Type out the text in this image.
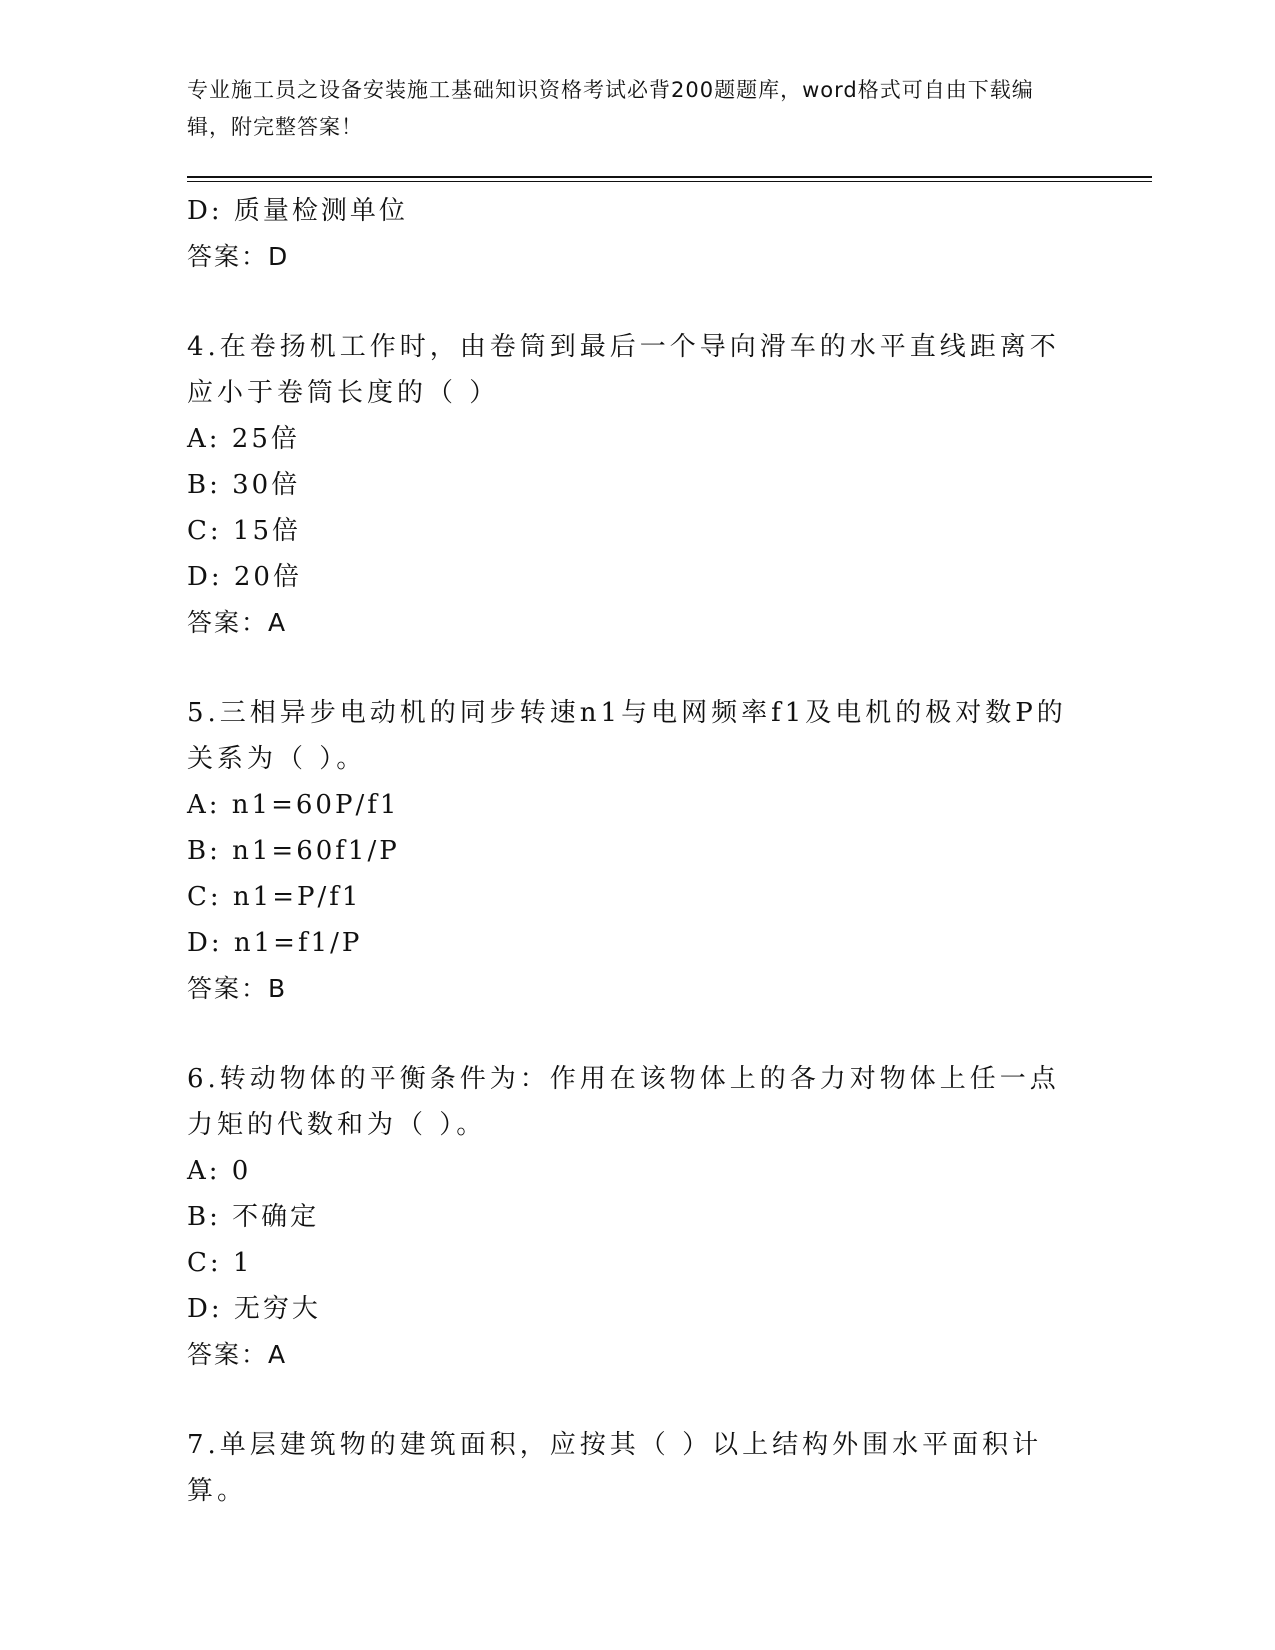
专业施工员之设备安装施工基础知识资格考试必背200题题库，word格式可自由下载编辑，附完整答案！
D: 质量检测单位
答案：D
4.在卷扬机工作时，由卷筒到最后一个导向滑车的水平直线距离不应小于卷筒长度的（ ）
A: 25倍
B: 30倍
C: 15倍
D: 20倍
答案：A
5.三相异步电动机的同步转速n1与电网频率f1及电机的极对数P的关系为（ ）。
A: n1=60P/f1
B: n1=60f1/P
C: n1=P/f1
D: n1=f1/P
答案：B
6.转动物体的平衡条件为：作用在该物体上的各力对物体上任一点力矩的代数和为（ ）。
A: 0
B: 不确定
C: 1
D: 无穷大
答案：A
7.单层建筑物的建筑面积，应按其（ ）以上结构外围水平面积计算。
